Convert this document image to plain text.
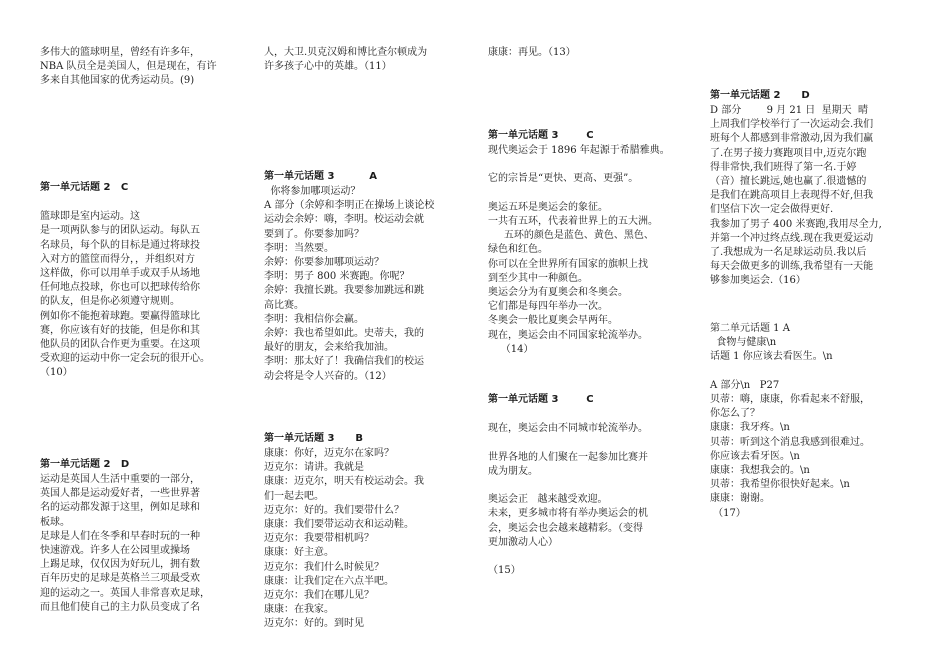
多伟大的篮球明星，曾经有许多年，

NBA 队员全是美国人，但是现在，有许

多来自其他国家的优秀运动员。(9)

第一单元话题 2   C

篮球即是室内运动。这

是一项两队参与的团队运动。每队五

名球员，每个队的目标是通过将球投

入对方的篮筐而得分，，并组织对方

这样做，你可以用单手或双手从场地

任何地点投球，你也可以把球传给你

的队友，但是你必须遵守规则。

例如你不能抱着球跑。要赢得篮球比

赛，你应该有好的技能，但是你和其

他队员的团队合作更为重要。在这项

受欢迎的运动中你一定会玩的很开心。

（10）

第一单元话题 2   D

运动是英国人生活中重要的一部分，

英国人都是运动爱好者，一些世界著

名的运动都发源于这里，例如足球和

板球。

足球是人们在冬季和早春时玩的一种

快速游戏。许多人在公园里或操场

上踢足球，仅仅因为好玩儿，拥有数

百年历史的足球是英格兰三项最受欢

迎的运动之一。英国人非常喜欢足球，

而且他们使自己的主力队员变成了名

人，大卫.贝克汉姆和博比查尔顿成为

许多孩子心中的英雄。（11）

第一单元话题 3          A

你将参加哪项运动？

A 部分（余婷和李明正在操场上谈论校

运动会余婷：嗨，李明。校运动会就

要到了。你要参加吗？

李明：当然要。

余婷：你要参加哪项运动？

李明：男子 800 米赛跑。你呢？

余婷：我擅长跳。我要参加跳远和跳

高比赛。

李明：我相信你会赢。

余婷：我也希望如此。史蒂夫，我的

最好的朋友，会来给我加油。

李明：那太好了！我确信我们的校运

动会将是令人兴奋的。（12）

第一单元话题 3      B

康康：你好，迈克尔在家吗？

迈克尔：请讲。我就是

康康：迈克尔，明天有校运动会。我

们一起去吧。

迈克尔：好的。我们要带什么？

康康：我们要带运动衣和运动鞋。

迈克尔：我要带相机吗？

康康：好主意。

迈克尔：我们什么时候见？

康康：让我们定在六点半吧。

迈克尔：我们在哪儿见？

康康：在我家。

迈克尔：好的。到时见

康康：再见。（13）

第一单元话题 3        C

现代奥运会于 1896 年起源于希腊雅典。

它的宗旨是“更快、更高、更强”。

奥运五环是奥运会的象征。

一共有五环，代表着世界上的五大洲。

五环的颜色是蓝色、黄色、黑色、

绿色和红色。

你可以在全世界所有国家的旗帜上找

到至少其中一种颜色。

奥运会分为有夏奥会和冬奥会。

它们都是每四年举办一次。

冬奥会一般比夏奥会早两年。

现在，奥运会由不同国家轮流举办。

（14）

第一单元话题 3        C

现在，奥运会由不同城市轮流举办。

世界各地的人们聚在一起参加比赛并

成为朋友。

奥运会正   越来越受欢迎。

未来，更多城市将有举办奥运会的机

会，奥运会也会越来越精彩。（变得

更加激动人心）

（15）

第一单元话题 2      D

D 部分        9 月 21 日  星期天  晴

上周我们学校举行了一次运动会.我们

班每个人都感到非常激动,因为我们赢

了.在男子接力赛跑项目中,迈克尔跑

得非常快,我们班得了第一名.于婷

（音）擅长跳远,她也赢了.很遗憾的

是我们在跳高项目上表现得不好,但我

们坚信下次一定会做得更好.

我参加了男子 400 米赛跑,我用尽全力,

并第一个冲过终点线.现在我更爱运动

了.我想成为一名足球运动员.我以后

每天会做更多的训练,我希望有一天能

够参加奥运会.（16）

第二单元话题 1 A

食物与健康\n

话题 1 你应该去看医生。\n

A 部分\n   P27

贝蒂：嗨，康康，你看起来不舒服，

你怎么了？

康康：我牙疼。\n

贝蒂：听到这个消息我感到很难过。

你应该去看牙医。\n

康康：我想我会的。\n

贝蒂：我希望你很快好起来。\n

康康：谢谢。

（17）
